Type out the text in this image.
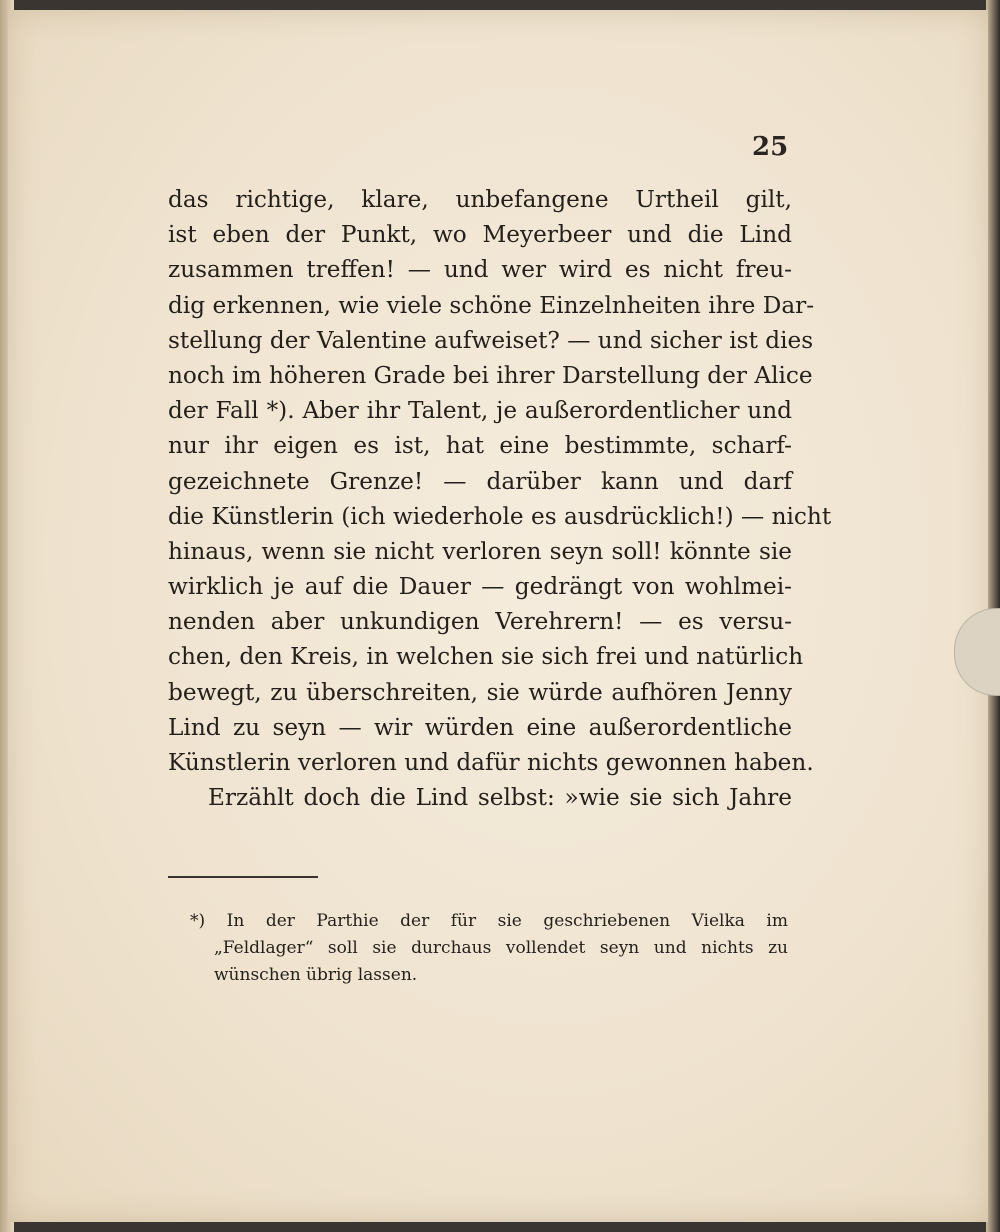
25
das richtige, klare, unbefangene Urtheil gilt,
ist eben der Punkt, wo Meyerbeer und die Lind
zusammen treffen! — und wer wird es nicht freu-
dig erkennen, wie viele schöne Einzelnheiten ihre Dar-
stellung der Valentine aufweiset? — und sicher ist dies
noch im höheren Grade bei ihrer Darstellung der Alice
der Fall *). Aber ihr Talent, je außerordentlicher und
nur ihr eigen es ist, hat eine bestimmte, scharf-
gezeichnete Grenze! — darüber kann und darf
die Künstlerin (ich wiederhole es ausdrücklich!) — nicht
hinaus, wenn sie nicht verloren seyn soll! könnte sie
wirklich je auf die Dauer — gedrängt von wohlmei-
nenden aber unkundigen Verehrern! — es versu-
chen, den Kreis, in welchen sie sich frei und natürlich
bewegt, zu überschreiten, sie würde aufhören Jenny
Lind zu seyn — wir würden eine außerordentliche
Künstlerin verloren und dafür nichts gewonnen haben.
Erzählt doch die Lind selbst: »wie sie sich Jahre
*) In der Parthie der für sie geschriebenen Vielka im
„Feldlager“ soll sie durchaus vollendet seyn und nichts zu
wünschen übrig lassen.
